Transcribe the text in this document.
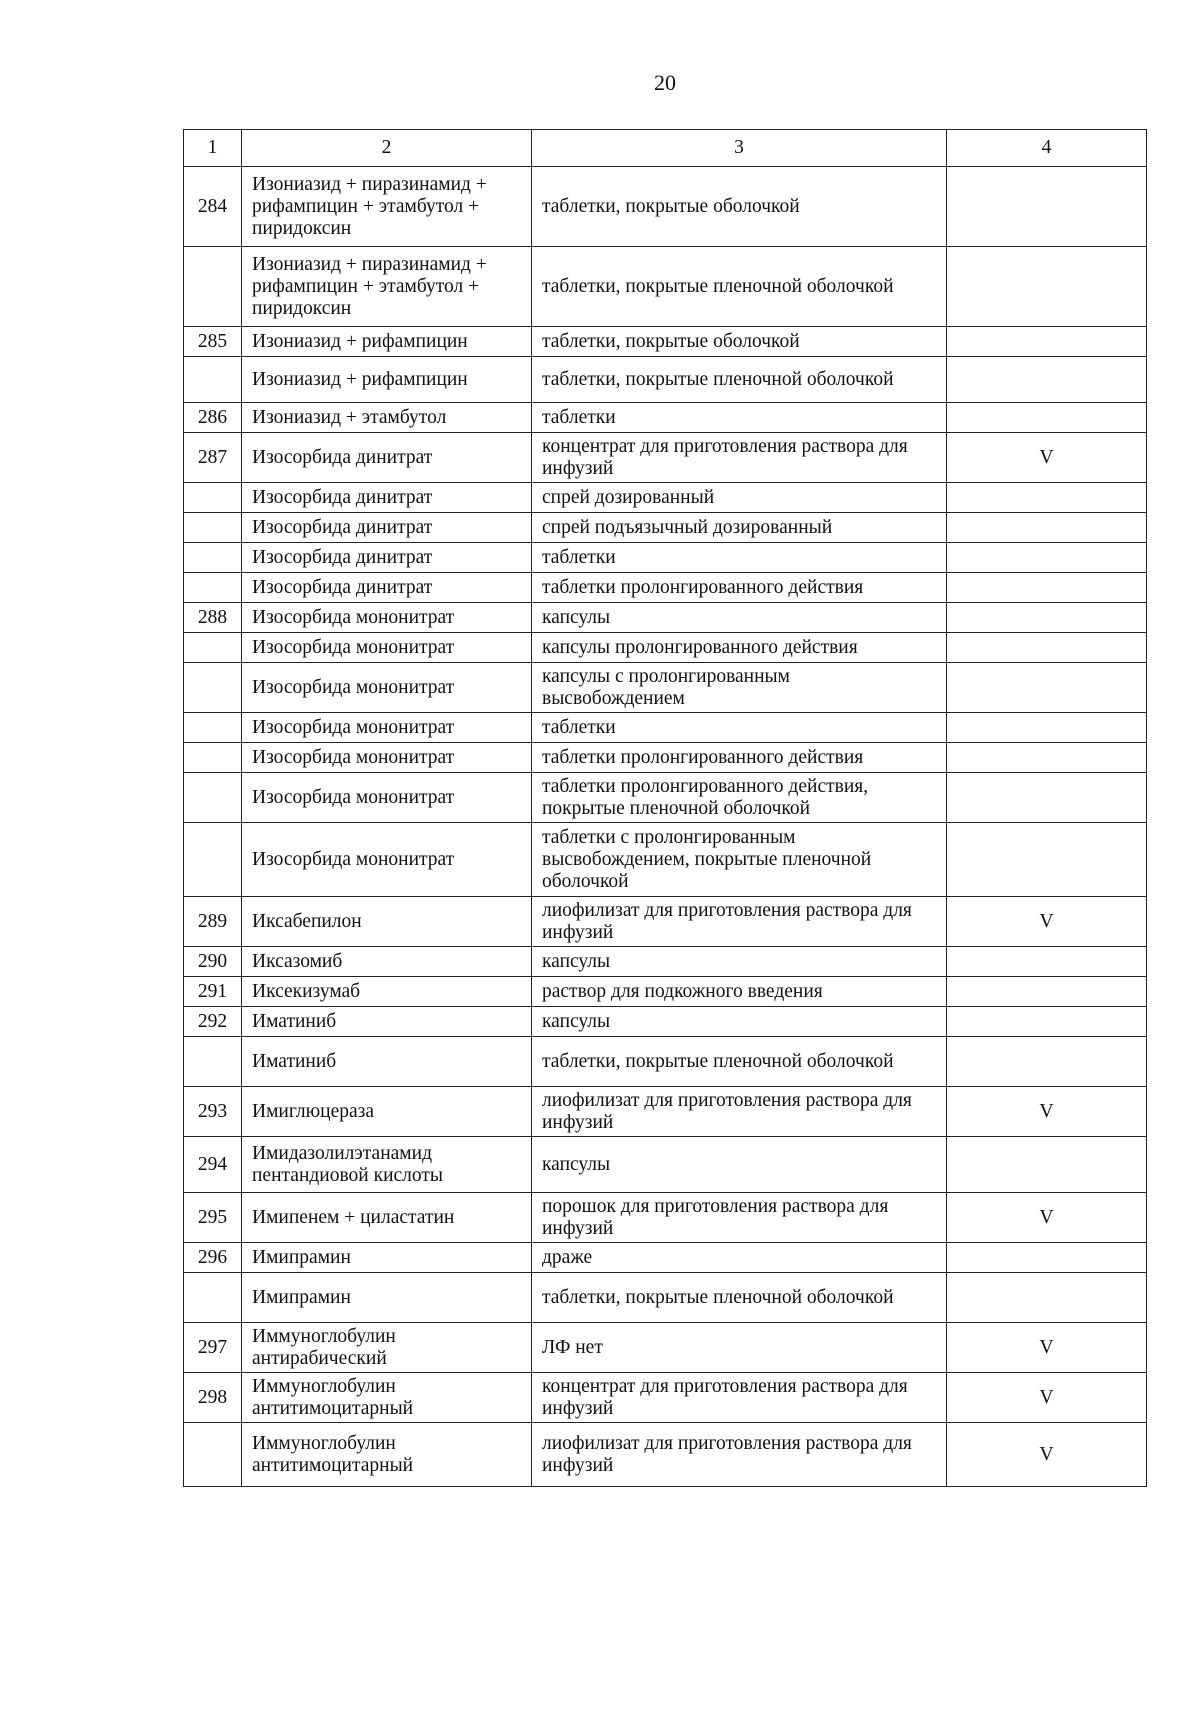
20
1	2	3	4
284	Изониазид + пиразинамид + рифампицин + этамбутол + пиридоксин	таблетки, покрытые оболочкой	
	Изониазид + пиразинамид + рифампицин + этамбутол + пиридоксин	таблетки, покрытые пленочной оболочкой	
285	Изониазид + рифампицин	таблетки, покрытые оболочкой	
	Изониазид + рифампицин	таблетки, покрытые пленочной оболочкой	
286	Изониазид + этамбутол	таблетки	
287	Изосорбида динитрат	концентрат для приготовления раствора для инфузий	V
	Изосорбида динитрат	спрей дозированный	
	Изосорбида динитрат	спрей подъязычный дозированный	
	Изосорбида динитрат	таблетки	
	Изосорбида динитрат	таблетки пролонгированного действия	
288	Изосорбида мононитрат	капсулы	
	Изосорбида мононитрат	капсулы пролонгированного действия	
	Изосорбида мононитрат	капсулы с пролонгированным высвобождением	
	Изосорбида мононитрат	таблетки	
	Изосорбида мононитрат	таблетки пролонгированного действия	
	Изосорбида мононитрат	таблетки пролонгированного действия, покрытые пленочной оболочкой	
	Изосорбида мононитрат	таблетки с пролонгированным высвобождением, покрытые пленочной оболочкой	
289	Иксабепилон	лиофилизат для приготовления раствора для инфузий	V
290	Иксазомиб	капсулы	
291	Иксекизумаб	раствор для подкожного введения	
292	Иматиниб	капсулы	
	Иматиниб	таблетки, покрытые пленочной оболочкой	
293	Имиглюцераза	лиофилизат для приготовления раствора для инфузий	V
294	Имидазолилэтанамид пентандиовой кислоты	капсулы	
295	Имипенем + циластатин	порошок для приготовления раствора для инфузий	V
296	Имипрамин	драже	
	Имипрамин	таблетки, покрытые пленочной оболочкой	
297	Иммуноглобулин антирабический	ЛФ нет	V
298	Иммуноглобулин антитимоцитарный	концентрат для приготовления раствора для инфузий	V
	Иммуноглобулин антитимоцитарный	лиофилизат для приготовления раствора для инфузий	V
